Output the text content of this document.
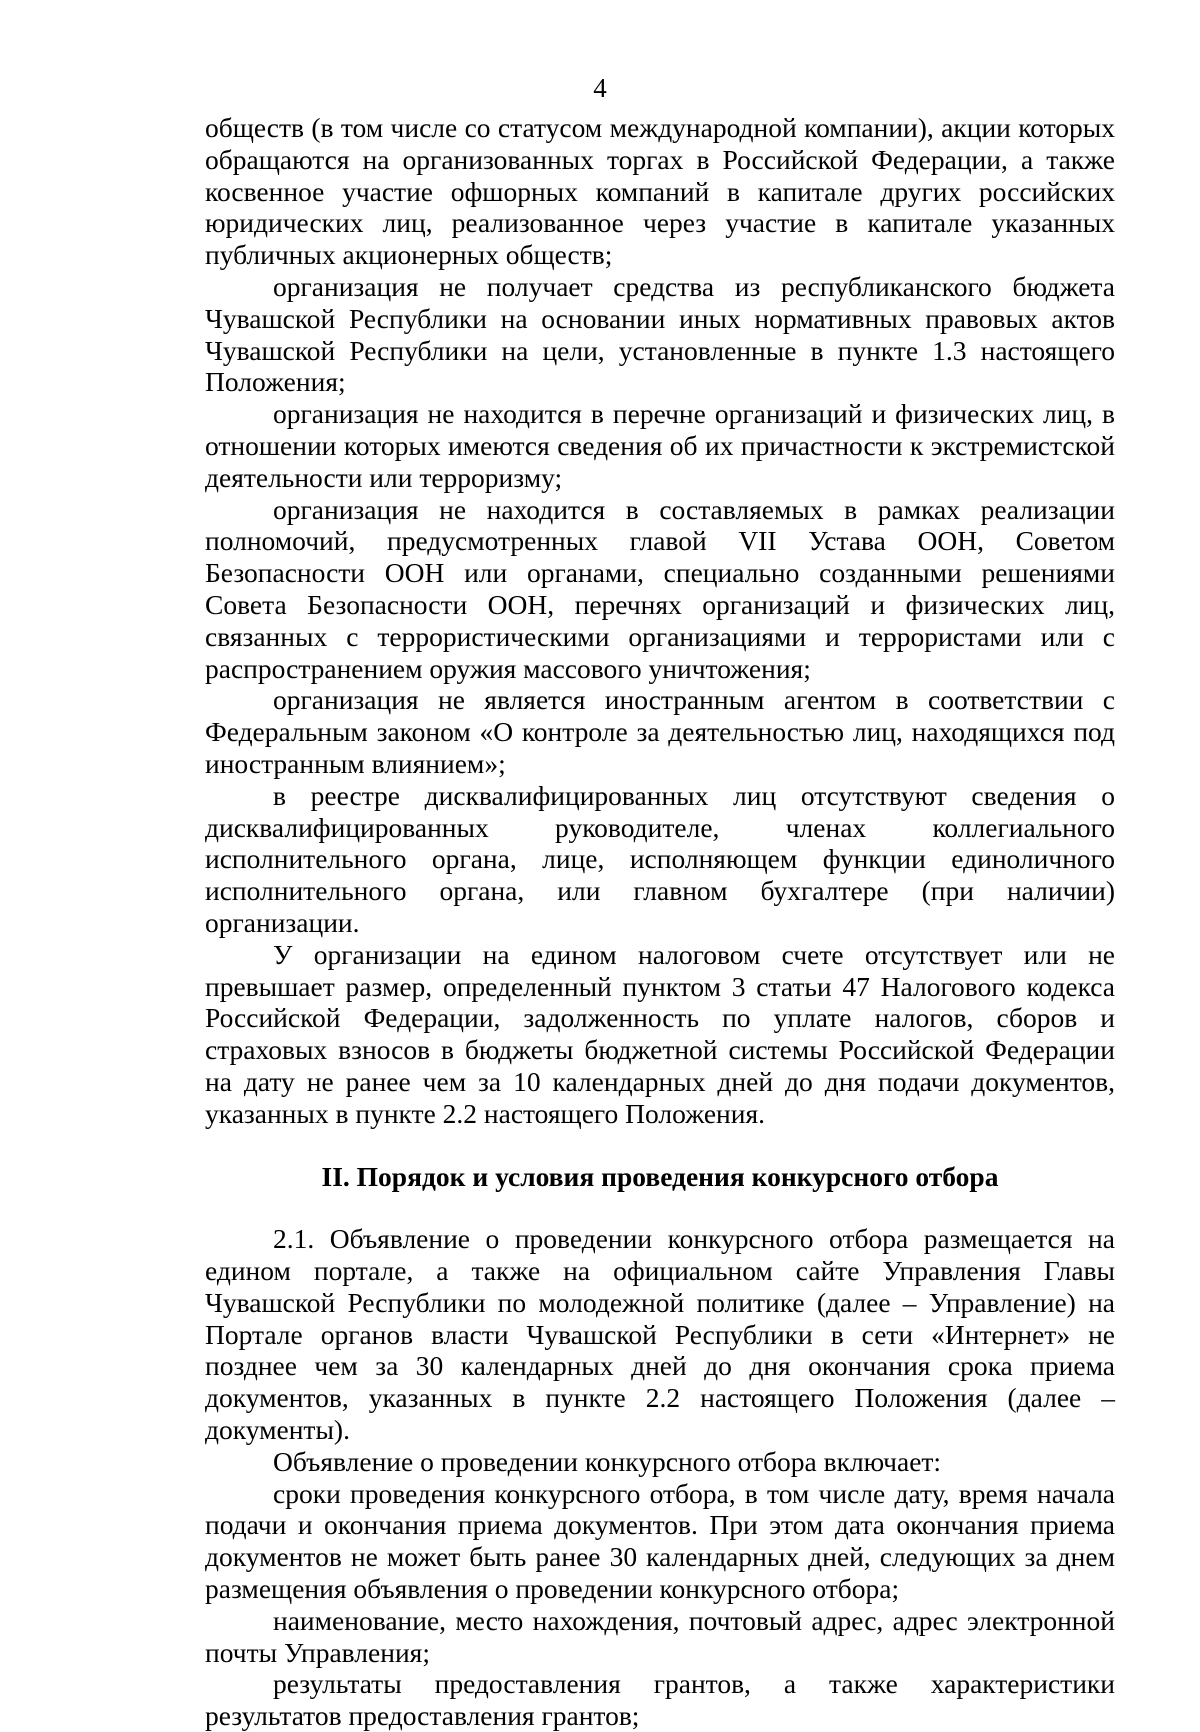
4

обществ (в том числе со статусом международной компании), акции которых обращаются на организованных торгах в Российской Федерации, а также косвенное участие офшорных компаний в капитале других российских юридических лиц, реализованное через участие в капитале указанных публичных акционерных обществ;

организация не получает средства из республиканского бюджета Чувашской Республики на основании иных нормативных правовых актов Чувашской Республики на цели, установленные в пункте 1.3 настоящего Положения;

организация не находится в перечне организаций и физических лиц, в отношении которых имеются сведения об их причастности к экстремистской деятельности или терроризму;

организация не находится в составляемых в рамках реализации полномочий, предусмотренных главой VII Устава ООН, Советом Безопасности ООН или органами, специально созданными решениями Совета Безопасности ООН, перечнях организаций и физических лиц, связанных с террористическими организациями и террористами или с распространением оружия массового уничтожения;

организация не является иностранным агентом в соответствии с Федеральным законом «О контроле за деятельностью лиц, находящихся под иностранным влиянием»;

в реестре дисквалифицированных лиц отсутствуют сведения о дисквалифицированных руководителе, членах коллегиального исполнительного органа, лице, исполняющем функции единоличного исполнительного органа, или главном бухгалтере (при наличии) организации.

У организации на едином налоговом счете отсутствует или не превышает размер, определенный пунктом 3 статьи 47 Налогового кодекса Российской Федерации, задолженность по уплате налогов, сборов и страховых взносов в бюджеты бюджетной системы Российской Федерации на дату не ранее чем за 10 календарных дней до дня подачи документов, указанных в пункте 2.2 настоящего Положения.

II. Порядок и условия проведения конкурсного отбора

2.1. Объявление о проведении конкурсного отбора размещается на едином портале, а также на официальном сайте Управления Главы Чувашской Республики по молодежной политике (далее – Управление) на Портале органов власти Чувашской Республики в сети «Интернет» не позднее чем за 30 календарных дней до дня окончания срока приема документов, указанных в пункте 2.2 настоящего Положения (далее – документы).

Объявление о проведении конкурсного отбора включает:

сроки проведения конкурсного отбора, в том числе дату, время начала подачи и окончания приема документов. При этом дата окончания приема документов не может быть ранее 30 календарных дней, следующих за днем размещения объявления о проведении конкурсного отбора;

наименование, место нахождения, почтовый адрес, адрес электронной почты Управления;

результаты предоставления грантов, а также характеристики результатов предоставления грантов;
